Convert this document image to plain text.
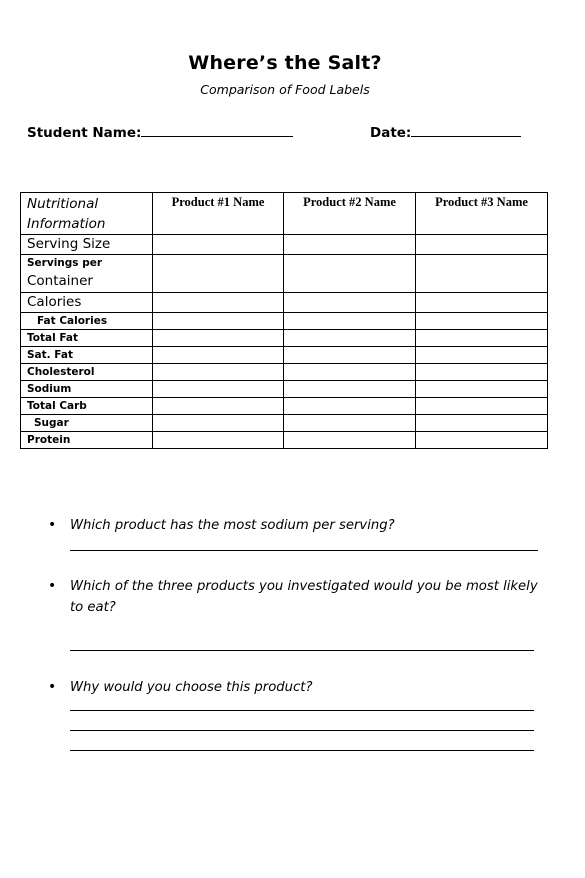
Where’s the Salt?
Comparison of Food Labels
Student Name:	Date:
Nutritional Information	Product #1 Name	Product #2 Name	Product #3 Name

Serving Size			

Servings per
Container			

Calories			

Fat Calories			

Total Fat			

Sat. Fat			

Cholesterol			

Sodium			

Total Carb			

Sugar			

Protein			

• Which product has the most sodium per serving?
• Which of the three products you investigated would you be most likely to eat?
• Why would you choose this product?
